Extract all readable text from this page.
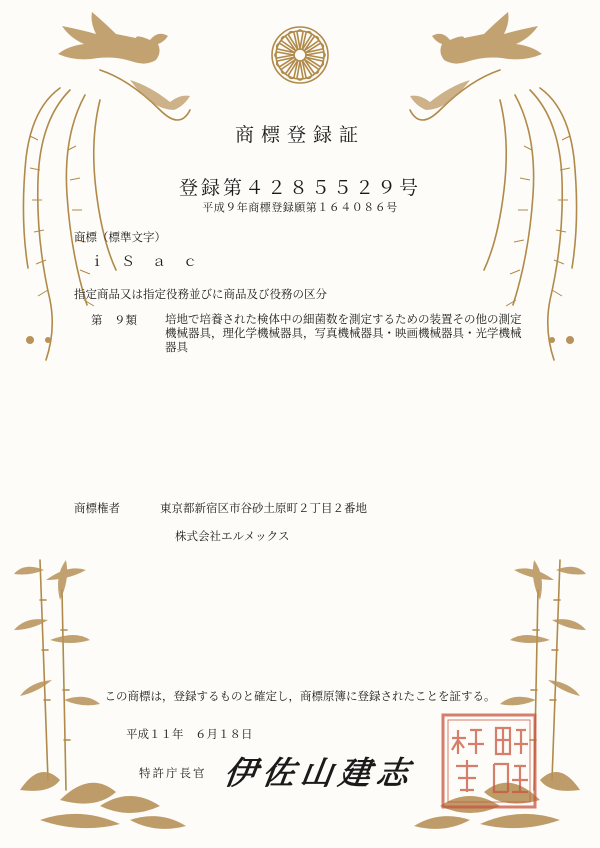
商標登録証
登録第４２８５５２９号
平成９年商標登録願第１６４０８６号
商標（標準文字）
ｉＳａｃ
指定商品又は指定役務並びに商品及び役務の区分
第　９類 培地で培養された検体中の細菌数を測定するための装置その他の測定機械器具，理化学機械器具，写真機械器具・映画機械器具・光学機械器具
商標権者	東京都新宿区市谷砂土原町２丁目２番地
株式会社エルメックス
この商標は，登録するものと確定し，商標原簿に登録されたことを証する。
平成１１年　６月１８日
特許庁長官 伊佐山建志
